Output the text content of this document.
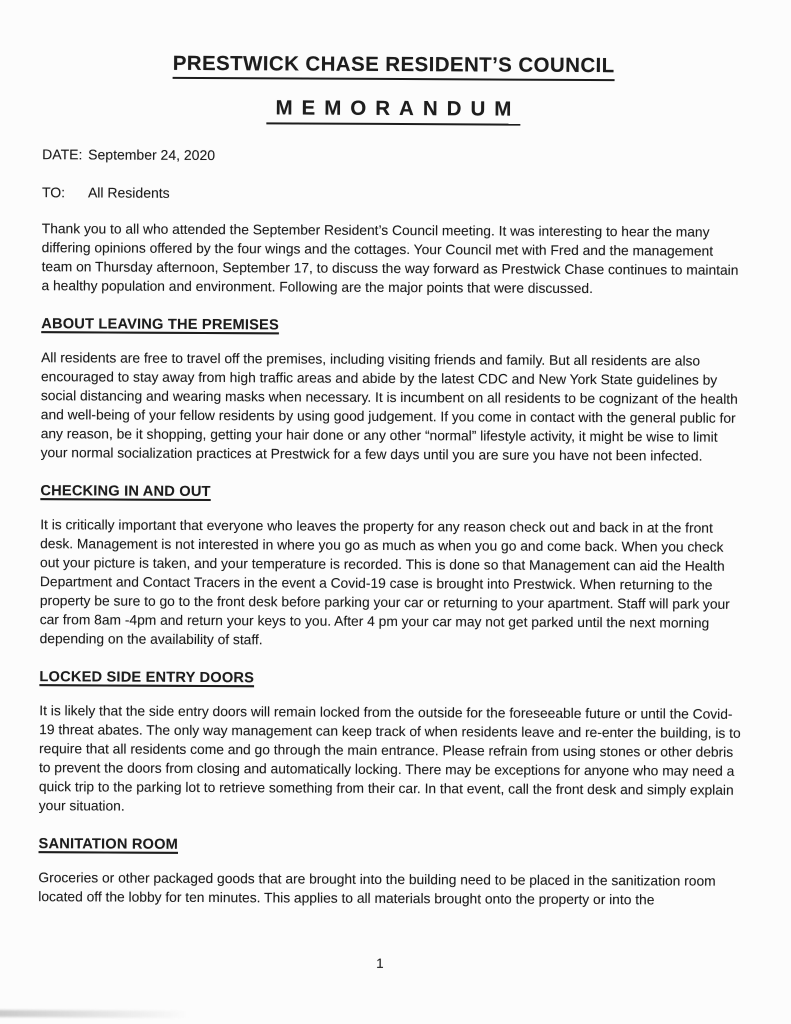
PRESTWICK CHASE RESIDENT’S COUNCIL
MEMORANDUM
DATE: September 24, 2020
TO:	All Residents

Thank you to all who attended the September Resident’s Council meeting. It was interesting to hear the many differing opinions offered by the four wings and the cottages. Your Council met with Fred and the management team on Thursday afternoon, September 17, to discuss the way forward as Prestwick Chase continues to maintain a healthy population and environment. Following are the major points that were discussed.

ABOUT LEAVING THE PREMISES

All residents are free to travel off the premises, including visiting friends and family. But all residents are also encouraged to stay away from high traffic areas and abide by the latest CDC and New York State guidelines by social distancing and wearing masks when necessary. It is incumbent on all residents to be cognizant of the health and well-being of your fellow residents by using good judgement. If you come in contact with the general public for any reason, be it shopping, getting your hair done or any other “normal” lifestyle activity, it might be wise to limit your normal socialization practices at Prestwick for a few days until you are sure you have not been infected.

CHECKING IN AND OUT

It is critically important that everyone who leaves the property for any reason check out and back in at the front desk. Management is not interested in where you go as much as when you go and come back. When you check out your picture is taken, and your temperature is recorded. This is done so that Management can aid the Health Department and Contact Tracers in the event a Covid-19 case is brought into Prestwick. When returning to the property be sure to go to the front desk before parking your car or returning to your apartment. Staff will park your car from 8am -4pm and return your keys to you. After 4 pm your car may not get parked until the next morning depending on the availability of staff.

LOCKED SIDE ENTRY DOORS

It is likely that the side entry doors will remain locked from the outside for the foreseeable future or until the Covid-19 threat abates. The only way management can keep track of when residents leave and re-enter the building, is to require that all residents come and go through the main entrance. Please refrain from using stones or other debris to prevent the doors from closing and automatically locking. There may be exceptions for anyone who may need a quick trip to the parking lot to retrieve something from their car. In that event, call the front desk and simply explain your situation.

SANITATION ROOM

Groceries or other packaged goods that are brought into the building need to be placed in the sanitization room located off the lobby for ten minutes. This applies to all materials brought onto the property or into the

1
